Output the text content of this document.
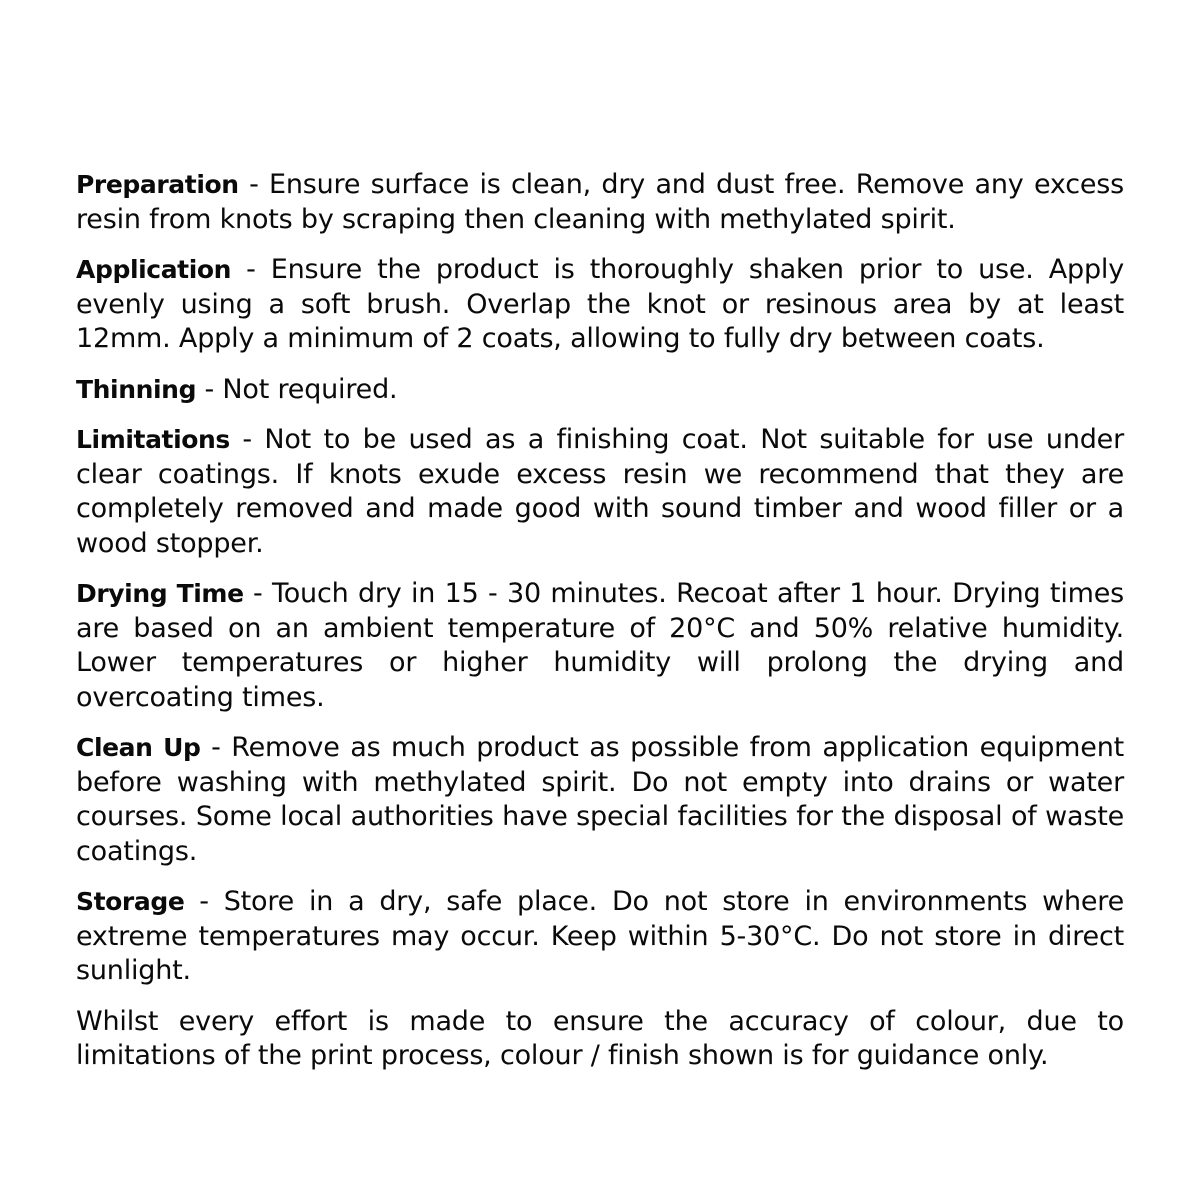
Preparation - Ensure surface is clean, dry and dust free. Remove any excess resin from knots by scraping then cleaning with methylated spirit.

Application - Ensure the product is thoroughly shaken prior to use. Apply evenly using a soft brush. Overlap the knot or resinous area by at least 12mm. Apply a minimum of 2 coats, allowing to fully dry between coats.

Thinning - Not required.

Limitations - Not to be used as a finishing coat. Not suitable for use under clear coatings. If knots exude excess resin we recommend that they are completely removed and made good with sound timber and wood filler or a wood stopper.

Drying Time - Touch dry in 15 - 30 minutes. Recoat after 1 hour. Drying times are based on an ambient temperature of 20°C and 50% relative humidity. Lower temperatures or higher humidity will prolong the drying and overcoating times.

Clean Up - Remove as much product as possible from application equipment before washing with methylated spirit. Do not empty into drains or water courses. Some local authorities have special facilities for the disposal of waste coatings.

Storage - Store in a dry, safe place. Do not store in environments where extreme temperatures may occur. Keep within 5-30°C. Do not store in direct sunlight.

Whilst every effort is made to ensure the accuracy of colour, due to limitations of the print process, colour / finish shown is for guidance only.
